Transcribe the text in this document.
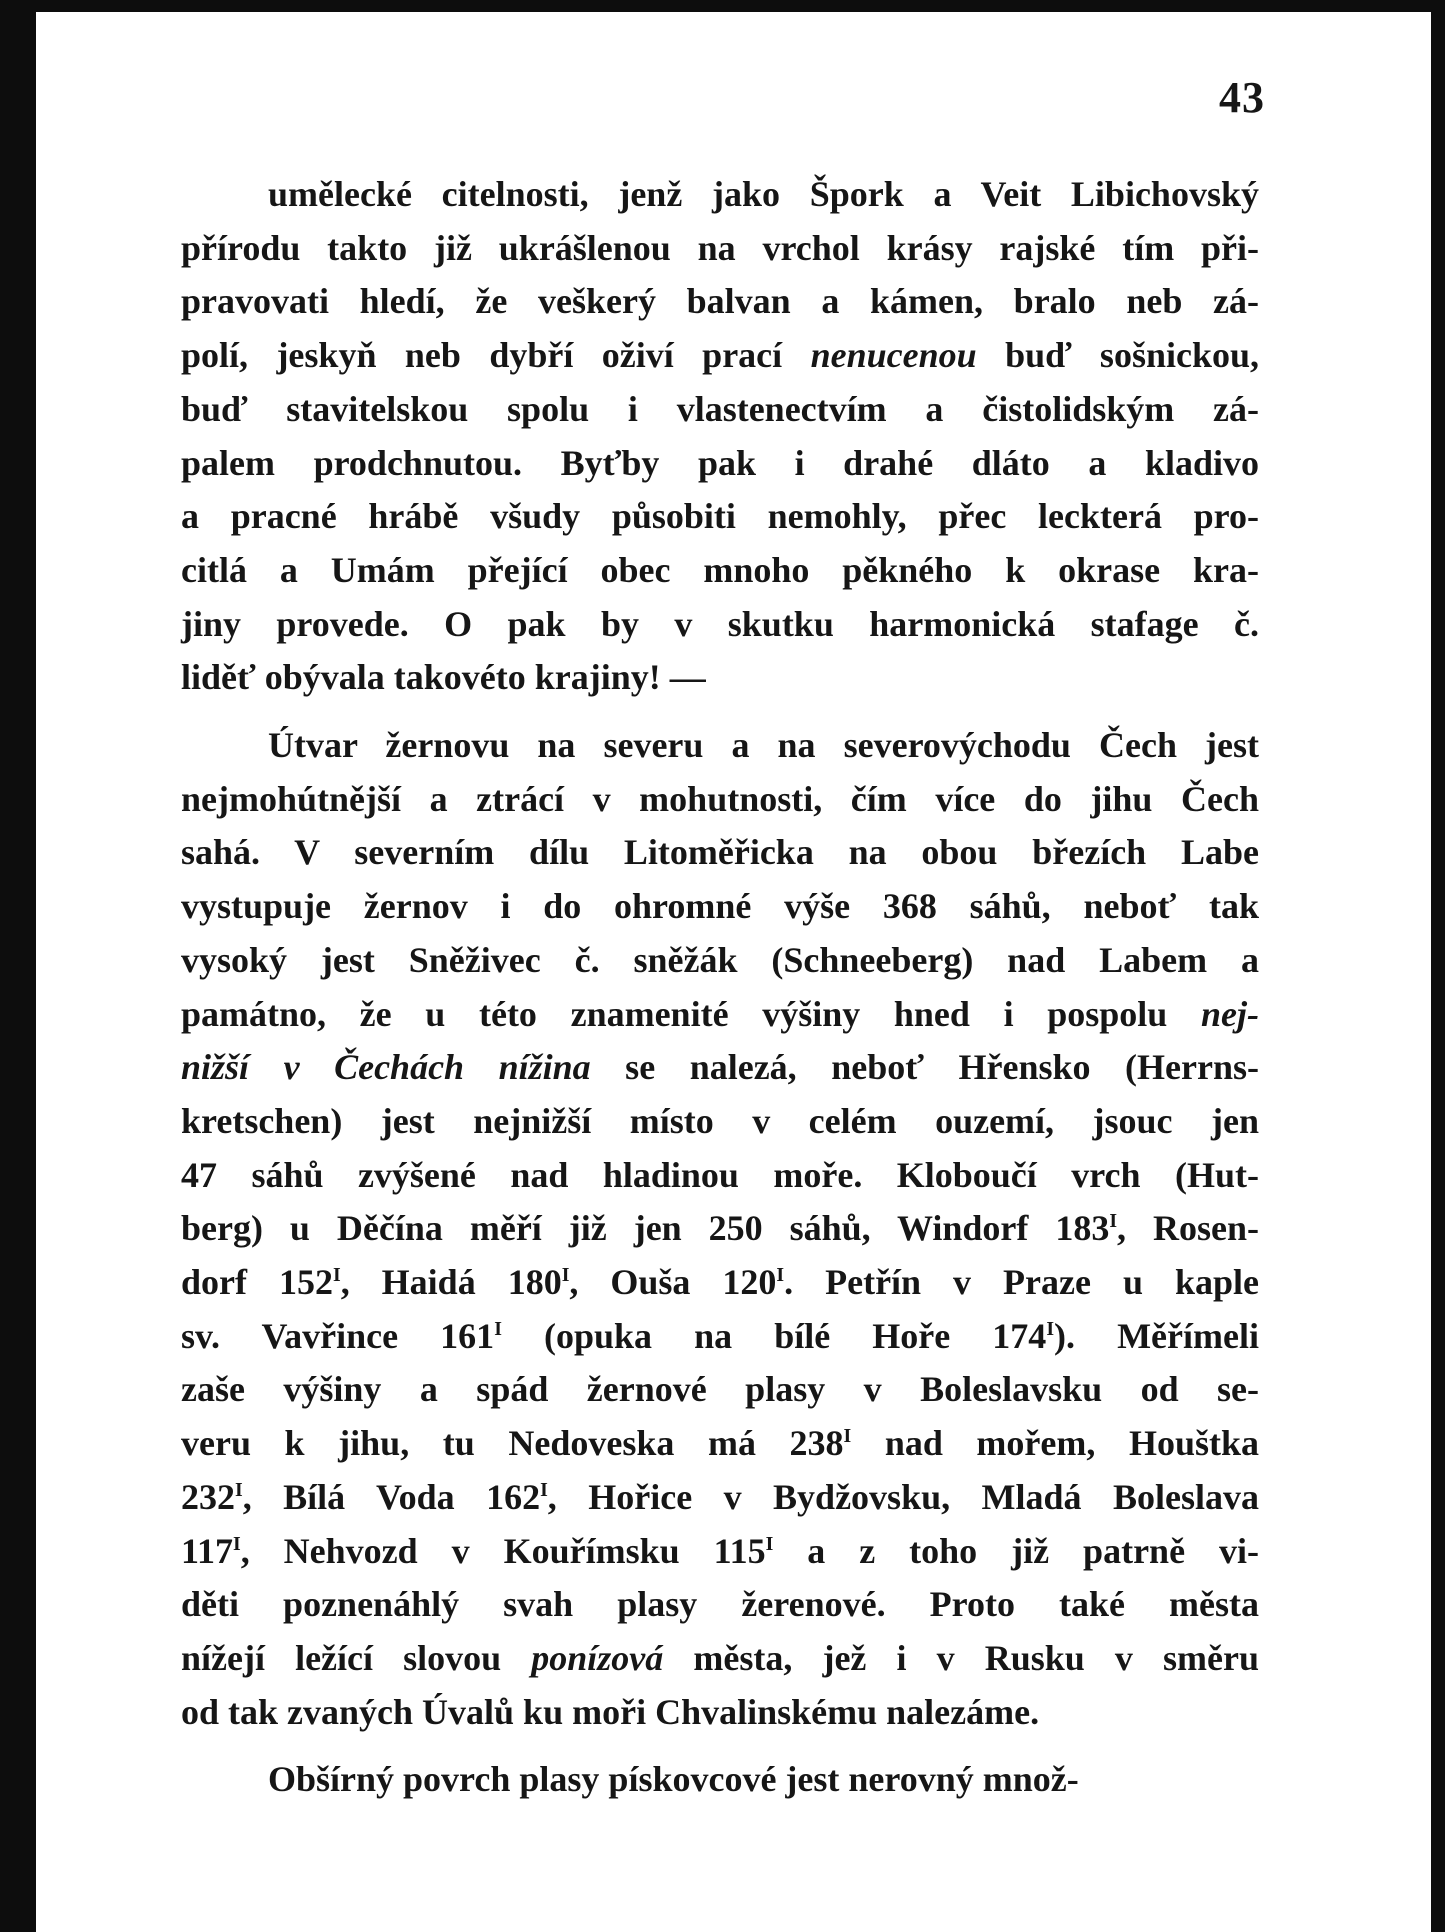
43
umělecké citelnosti, jenž jako Špork a Veit Libichovský
přírodu takto již ukrášlenou na vrchol krásy rajské tím při-
pravovati hledí, že veškerý balvan a kámen, bralo neb zá-
polí, jeskyň neb dybří oživí prací nenucenou buď sošnickou,
buď stavitelskou spolu i vlastenectvím a čistolidským zá-
palem prodchnutou. Byťby pak i drahé dláto a kladivo
a pracné hrábě všudy působiti nemohly, přec leckterá pro-
citlá a Umám přející obec mnoho pěkného k okrase kra-
jiny provede. O pak by v skutku harmonická stafage č.
liděť obývala takovéto krajiny! —
Útvar žernovu na severu a na severovýchodu Čech jest
nejmohútnější a ztrácí v mohutnosti, čím více do jihu Čech
sahá. V severním dílu Litoměřicka na obou březích Labe
vystupuje žernov i do ohromné výše 368 sáhů, neboť tak
vysoký jest Sněživec č. sněžák (Schneeberg) nad Labem a
památno, že u této znamenité výšiny hned i pospolu nej-
nižší v Čechách nížina se nalezá, neboť Hřensko (Herrns-
kretschen) jest nejnižší místo v celém ouzemí, jsouc jen
47 sáhů zvýšené nad hladinou moře. Kloboučí vrch (Hut-
berg) u Děčína měří již jen 250 sáhů, Windorf $183^I$, Rosen-
dorf $152^I$, Haidá $180^I$, Ouša $120^I$. Petřín v Praze u kaple
sv. Vavřince $161^I$ (opuka na bílé Hoře $174^I$). Měřímeli
zaše výšiny a spád žernové plasy v Boleslavsku od se-
veru k jihu, tu Nedoveska má $238^I$ nad mořem, Houštka
$232^I$, Bílá Voda $162^I$, Hořice v Bydžovsku, Mladá Boleslava
$117^I$, Nehvozd v Kouřímsku $115^I$ a z toho již patrně vi-
děti poznenáhlý svah plasy žerenové. Proto také města
nížejí ležící slovou ponízová města, jež i v Rusku v směru
od tak zvaných Úvalů ku moři Chvalinskému nalezáme.
Obšírný povrch plasy pískovcové jest nerovný množ-
